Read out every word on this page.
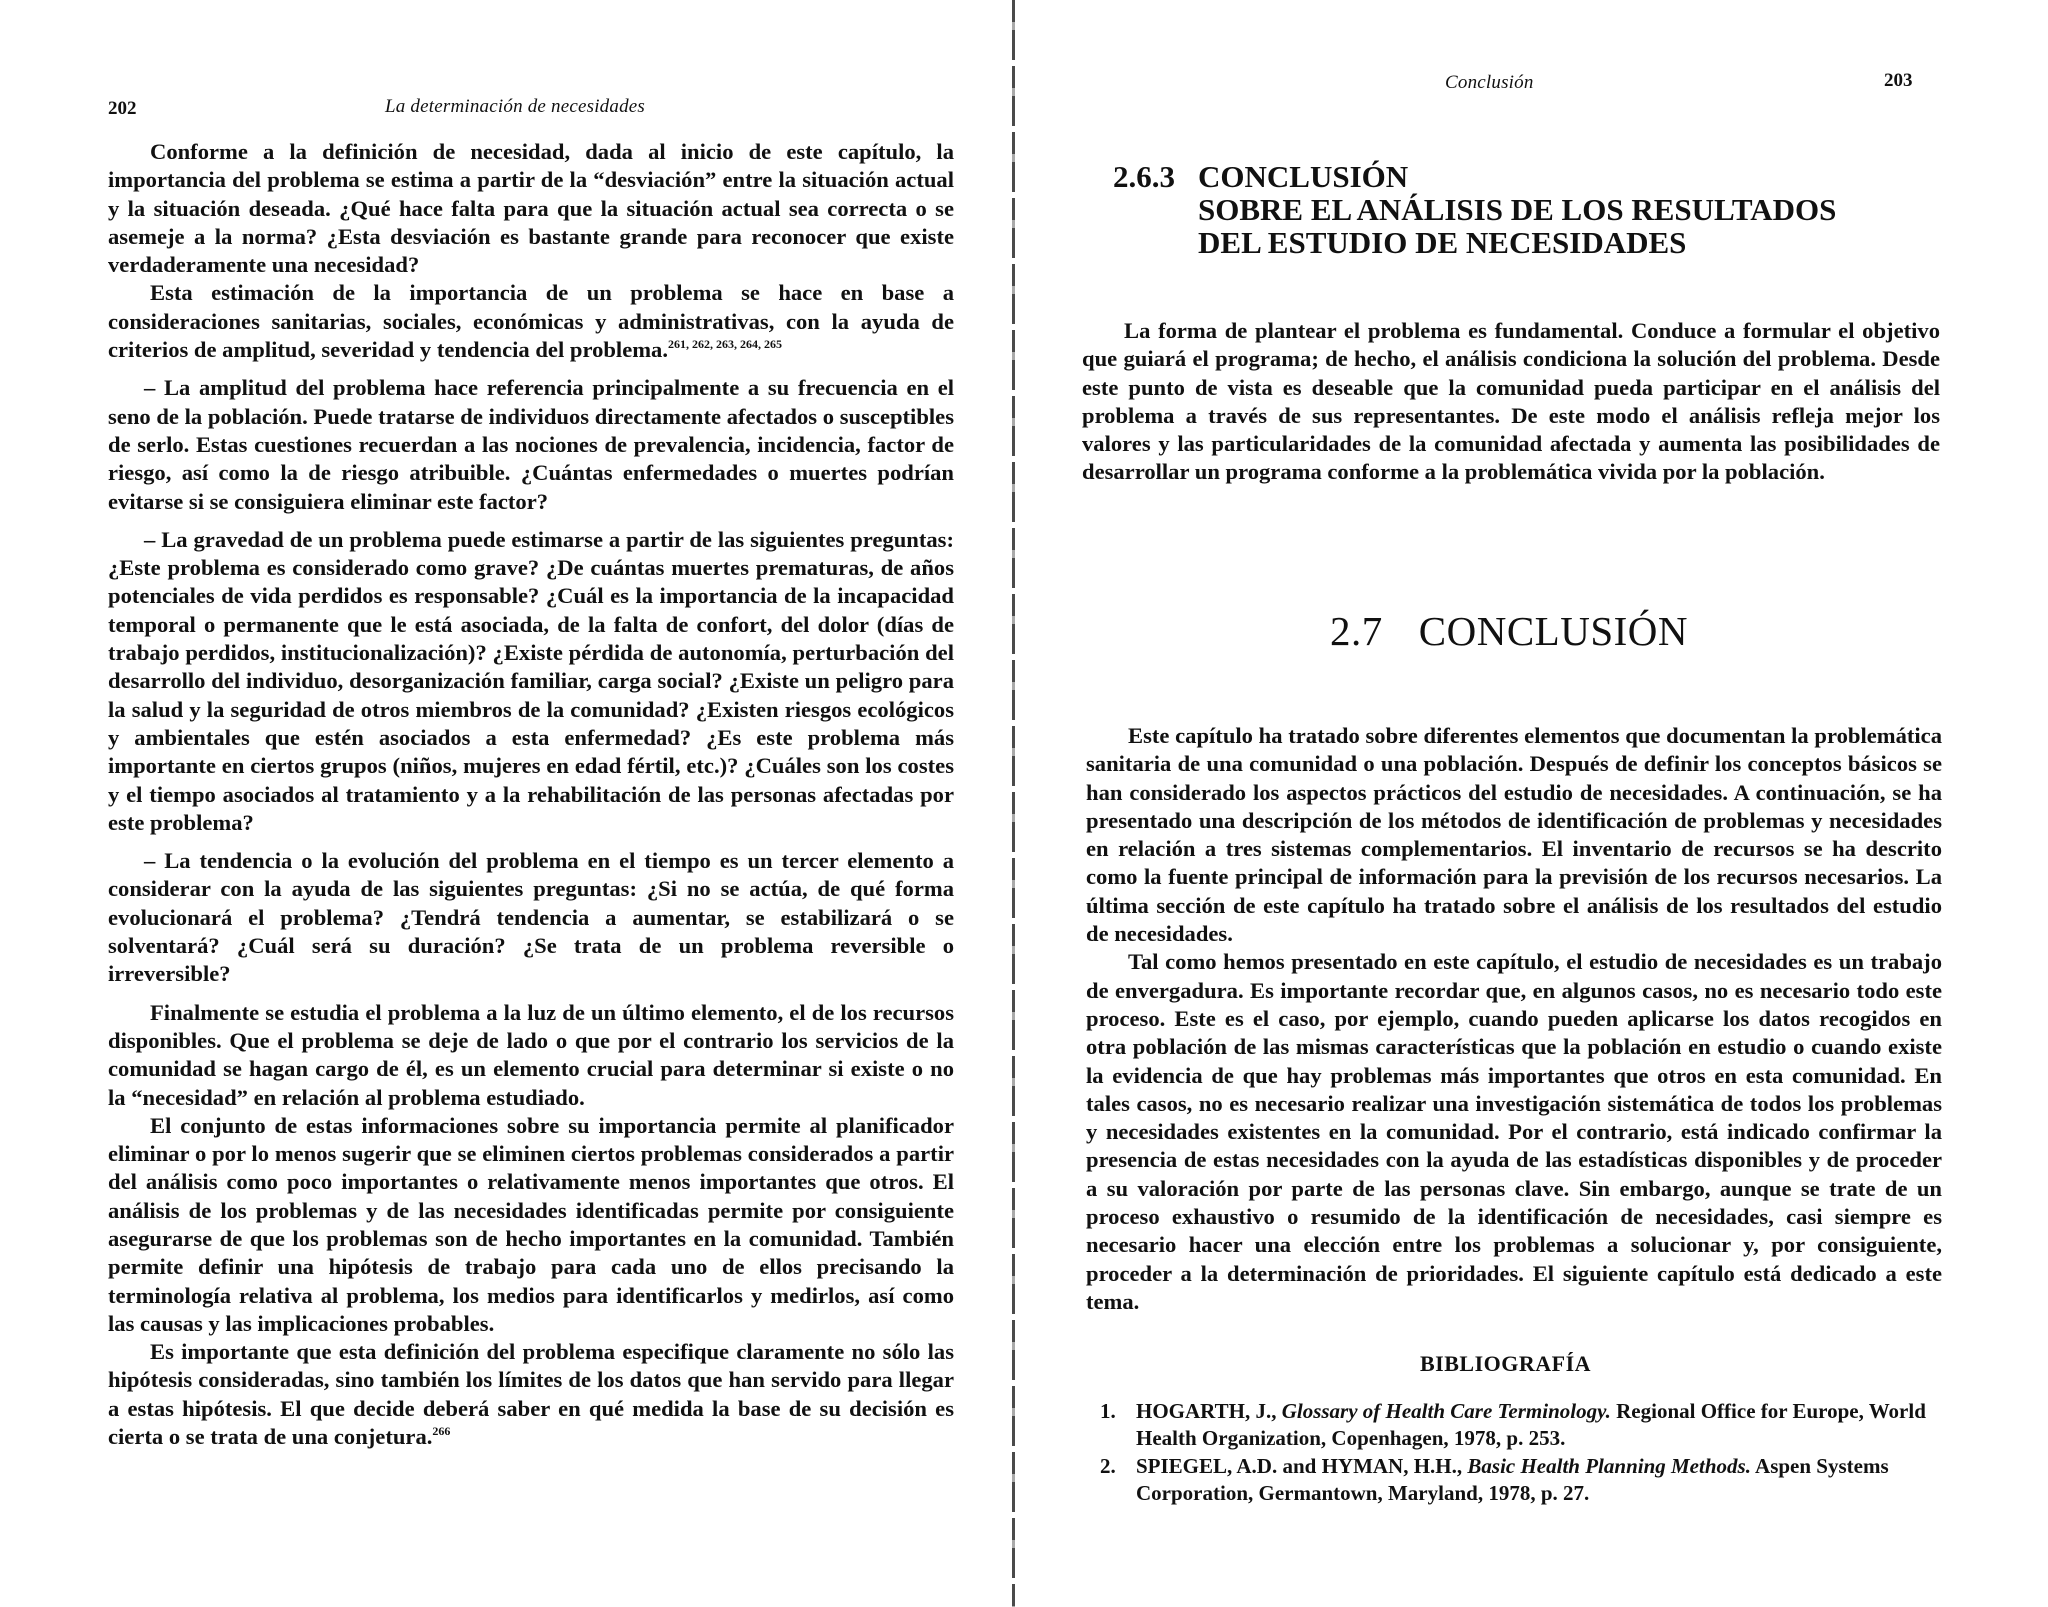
202	La determinación de necesidades

Conforme a la definición de necesidad, dada al inicio de este capítulo, la importancia del problema se estima a partir de la “desviación” entre la situación actual y la situación deseada. ¿Qué hace falta para que la situación actual sea correcta o se asemeje a la norma? ¿Esta desviación es bastante grande para reconocer que existe verdaderamente una necesidad?

Esta estimación de la importancia de un problema se hace en base a consideraciones sanitarias, sociales, económicas y administrativas, con la ayuda de criterios de amplitud, severidad y tendencia del problema.$^{261, 262, 263, 264, 265}$

– La amplitud del problema hace referencia principalmente a su frecuencia en el seno de la población. Puede tratarse de individuos directamente afectados o susceptibles de serlo. Estas cuestiones recuerdan a las nociones de prevalencia, incidencia, factor de riesgo, así como la de riesgo atribuible. ¿Cuántas enfermedades o muertes podrían evitarse si se consiguiera eliminar este factor?

– La gravedad de un problema puede estimarse a partir de las siguientes preguntas: ¿Este problema es considerado como grave? ¿De cuántas muertes prematuras, de años potenciales de vida perdidos es responsable? ¿Cuál es la importancia de la incapacidad temporal o permanente que le está asociada, de la falta de confort, del dolor (días de trabajo perdidos, institucionalización)? ¿Existe pérdida de autonomía, perturbación del desarrollo del individuo, desorganización familiar, carga social? ¿Existe un peligro para la salud y la seguridad de otros miembros de la comunidad? ¿Existen riesgos ecológicos y ambientales que estén asociados a esta enfermedad? ¿Es este problema más importante en ciertos grupos (niños, mujeres en edad fértil, etc.)? ¿Cuáles son los costes y el tiempo asociados al tratamiento y a la rehabilitación de las personas afectadas por este problema?

– La tendencia o la evolución del problema en el tiempo es un tercer elemento a considerar con la ayuda de las siguientes preguntas: ¿Si no se actúa, de qué forma evolucionará el problema? ¿Tendrá tendencia a aumentar, se estabilizará o se solventará? ¿Cuál será su duración? ¿Se trata de un problema reversible o irreversible?

Finalmente se estudia el problema a la luz de un último elemento, el de los recursos disponibles. Que el problema se deje de lado o que por el contrario los servicios de la comunidad se hagan cargo de él, es un elemento crucial para determinar si existe o no la “necesidad” en relación al problema estudiado.

El conjunto de estas informaciones sobre su importancia permite al planificador eliminar o por lo menos sugerir que se eliminen ciertos problemas considerados a partir del análisis como poco importantes o relativamente menos importantes que otros. El análisis de los problemas y de las necesidades identificadas permite por consiguiente asegurarse de que los problemas son de hecho importantes en la comunidad. También permite definir una hipótesis de trabajo para cada uno de ellos precisando la terminología relativa al problema, los medios para identificarlos y medirlos, así como las causas y las implicaciones probables.

Es importante que esta definición del problema especifique claramente no sólo las hipótesis consideradas, sino también los límites de los datos que han servido para llegar a estas hipótesis. El que decide deberá saber en qué medida la base de su decisión es cierta o se trata de una conjetura.$^{266}$

Conclusión	203
2.6.3 CONCLUSIÓN
SOBRE EL ANÁLISIS DE LOS RESULTADOS
DEL ESTUDIO DE NECESIDADES

La forma de plantear el problema es fundamental. Conduce a formular el objetivo que guiará el programa; de hecho, el análisis condiciona la solución del problema. Desde este punto de vista es deseable que la comunidad pueda participar en el análisis del problema a través de sus representantes. De este modo el análisis refleja mejor los valores y las particularidades de la comunidad afectada y aumenta las posibilidades de desarrollar un programa conforme a la problemática vivida por la población.

2.7 CONCLUSIÓN

Este capítulo ha tratado sobre diferentes elementos que documentan la problemática sanitaria de una comunidad o una población. Después de definir los conceptos básicos se han considerado los aspectos prácticos del estudio de necesidades. A continuación, se ha presentado una descripción de los métodos de identificación de problemas y necesidades en relación a tres sistemas complementarios. El inventario de recursos se ha descrito como la fuente principal de información para la previsión de los recursos necesarios. La última sección de este capítulo ha tratado sobre el análisis de los resultados del estudio de necesidades.

Tal como hemos presentado en este capítulo, el estudio de necesidades es un trabajo de envergadura. Es importante recordar que, en algunos casos, no es necesario todo este proceso. Este es el caso, por ejemplo, cuando pueden aplicarse los datos recogidos en otra población de las mismas características que la población en estudio o cuando existe la evidencia de que hay problemas más importantes que otros en esta comunidad. En tales casos, no es necesario realizar una investigación sistemática de todos los problemas y necesidades existentes en la comunidad. Por el contrario, está indicado confirmar la presencia de estas necesidades con la ayuda de las estadísticas disponibles y de proceder a su valoración por parte de las personas clave. Sin embargo, aunque se trate de un proceso exhaustivo o resumido de la identificación de necesidades, casi siempre es necesario hacer una elección entre los problemas a solucionar y, por consiguiente, proceder a la determinación de prioridades. El siguiente capítulo está dedicado a este tema.

BIBLIOGRAFÍA
1. HOGARTH, J., Glossary of Health Care Terminology. Regional Office for Europe, World Health Organization, Copenhagen, 1978, p. 253.
2. SPIEGEL, A.D. and HYMAN, H.H., Basic Health Planning Methods. Aspen Systems Corporation, Germantown, Maryland, 1978, p. 27.
